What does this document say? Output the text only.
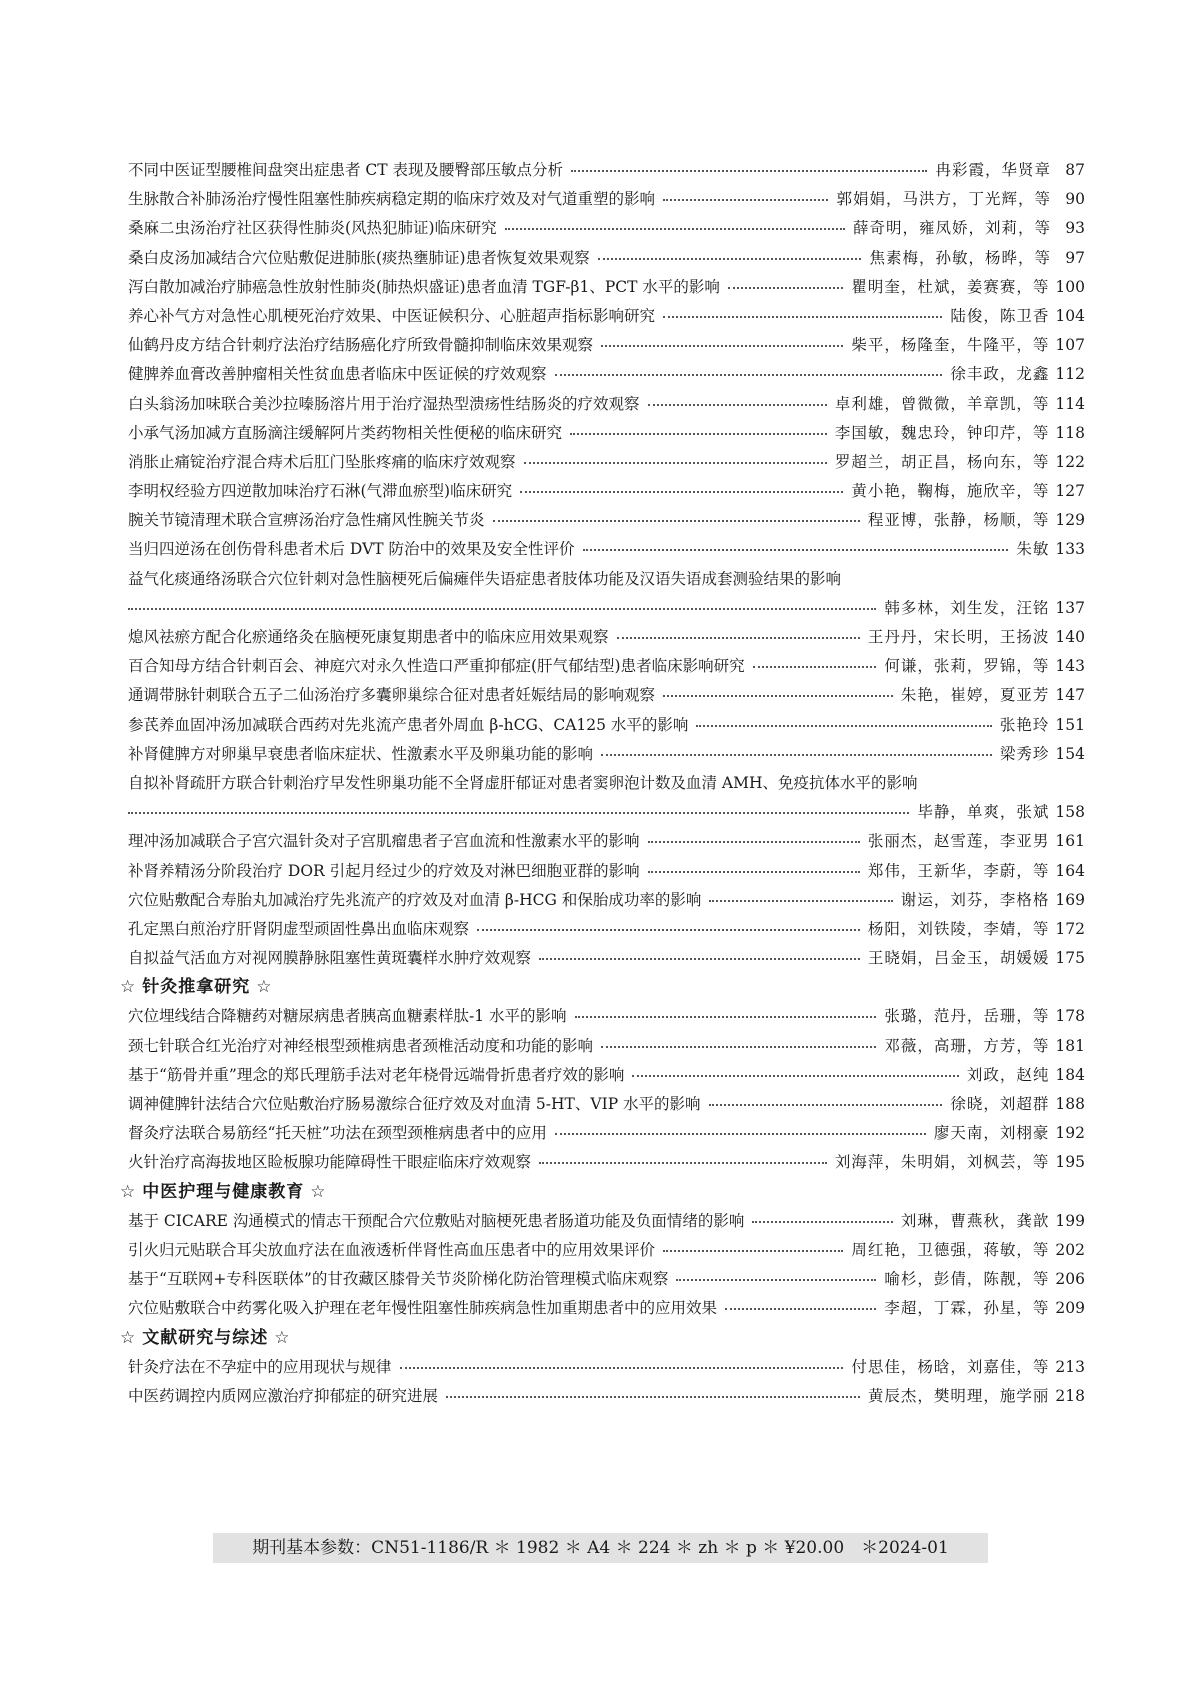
不同中医证型腰椎间盘突出症患者 CT 表现及腰臀部压敏点分析	冉彩霞，华贤章 87
生脉散合补肺汤治疗慢性阻塞性肺疾病稳定期的临床疗效及对气道重塑的影响	郭娟娟，马洪方，丁光辉，等 90
桑麻二虫汤治疗社区获得性肺炎(风热犯肺证)临床研究	薛奇明，雍凤娇，刘莉，等 93
桑白皮汤加减结合穴位贴敷促进肺胀(痰热壅肺证)患者恢复效果观察	焦素梅，孙敏，杨晔，等 97
泻白散加减治疗肺癌急性放射性肺炎(肺热炽盛证)患者血清 TGF-β1、PCT 水平的影响	瞿明奎，杜斌，姜赛赛，等 100
养心补气方对急性心肌梗死治疗效果、中医证候积分、心脏超声指标影响研究	陆俊，陈卫香 104
仙鹤丹皮方结合针刺疗法治疗结肠癌化疗所致骨髓抑制临床效果观察	柴平，杨隆奎，牛隆平，等 107
健脾养血膏改善肿瘤相关性贫血患者临床中医证候的疗效观察	徐丰政，龙鑫 112
白头翁汤加味联合美沙拉嗪肠溶片用于治疗湿热型溃疡性结肠炎的疗效观察	卓利雄，曾微微，羊章凯，等 114
小承气汤加减方直肠滴注缓解阿片类药物相关性便秘的临床研究	李国敏，魏忠玲，钟印芹，等 118
消胀止痛锭治疗混合痔术后肛门坠胀疼痛的临床疗效观察	罗超兰，胡正昌，杨向东，等 122
李明权经验方四逆散加味治疗石淋(气滞血瘀型)临床研究	黄小艳，鞠梅，施欣辛，等 127
腕关节镜清理术联合宣痹汤治疗急性痛风性腕关节炎	程亚博，张静，杨顺，等 129
当归四逆汤在创伤骨科患者术后 DVT 防治中的效果及安全性评价	朱敏 133
益气化痰通络汤联合穴位针刺对急性脑梗死后偏瘫伴失语症患者肢体功能及汉语失语成套测验结果的影响
韩多林，刘生发，汪铭 137
熄风祛瘀方配合化瘀通络灸在脑梗死康复期患者中的临床应用效果观察	王丹丹，宋长明，王扬波 140
百合知母方结合针刺百会、神庭穴对永久性造口严重抑郁症(肝气郁结型)患者临床影响研究	何谦，张莉，罗锦，等 143
通调带脉针刺联合五子二仙汤治疗多囊卵巢综合征对患者妊娠结局的影响观察	朱艳，崔婷，夏亚芳 147
参芪养血固冲汤加减联合西药对先兆流产患者外周血 β-hCG、CA125 水平的影响	张艳玲 151
补肾健脾方对卵巢早衰患者临床症状、性激素水平及卵巢功能的影响	梁秀珍 154
自拟补肾疏肝方联合针刺治疗早发性卵巢功能不全肾虚肝郁证对患者窦卵泡计数及血清 AMH、免疫抗体水平的影响
毕静，单爽，张斌 158
理冲汤加减联合子宫穴温针灸对子宫肌瘤患者子宫血流和性激素水平的影响	张丽杰，赵雪莲，李亚男 161
补肾养精汤分阶段治疗 DOR 引起月经过少的疗效及对淋巴细胞亚群的影响	郑伟，王新华，李蔚，等 164
穴位贴敷配合寿胎丸加减治疗先兆流产的疗效及对血清 β-HCG 和保胎成功率的影响	谢运，刘芬，李格格 169
孔定黑白煎治疗肝肾阴虚型顽固性鼻出血临床观察	杨阳，刘铁陵，李婧，等 172
自拟益气活血方对视网膜静脉阻塞性黄斑囊样水肿疗效观察	王晓娟，吕金玉，胡媛媛 175
☆ 针灸推拿研究 ☆
穴位埋线结合降糖药对糖尿病患者胰高血糖素样肽-1 水平的影响	张璐，范丹，岳珊，等 178
颈七针联合红光治疗对神经根型颈椎病患者颈椎活动度和功能的影响	邓薇，高珊，方芳，等 181
基于“筋骨并重”理念的郑氏理筋手法对老年桡骨远端骨折患者疗效的影响	刘政，赵纯 184
调神健脾针法结合穴位贴敷治疗肠易激综合征疗效及对血清 5-HT、VIP 水平的影响	徐晓，刘超群 188
督灸疗法联合易筋经“托天桩”功法在颈型颈椎病患者中的应用	廖天南，刘栩豪 192
火针治疗高海拔地区睑板腺功能障碍性干眼症临床疗效观察	刘海萍，朱明娟，刘枫芸，等 195
☆ 中医护理与健康教育 ☆
基于 CICARE 沟通模式的情志干预配合穴位敷贴对脑梗死患者肠道功能及负面情绪的影响	刘琳，曹燕秋，龚歆 199
引火归元贴联合耳尖放血疗法在血液透析伴肾性高血压患者中的应用效果评价	周红艳，卫德强，蒋敏，等 202
基于“互联网+专科医联体”的甘孜藏区膝骨关节炎阶梯化防治管理模式临床观察	喻杉，彭倩，陈靓，等 206
穴位贴敷联合中药雾化吸入护理在老年慢性阻塞性肺疾病急性加重期患者中的应用效果	李超，丁霖，孙星，等 209
☆ 文献研究与综述 ☆
针灸疗法在不孕症中的应用现状与规律	付思佳，杨晗，刘嘉佳，等 213
中医药调控内质网应激治疗抑郁症的研究进展	黄辰杰，樊明理，施学丽 218
期刊基本参数：CN51-1186/R ＊ 1982 ＊ A4 ＊ 224 ＊ zh ＊ p ＊ ¥20.00　＊2024-01
